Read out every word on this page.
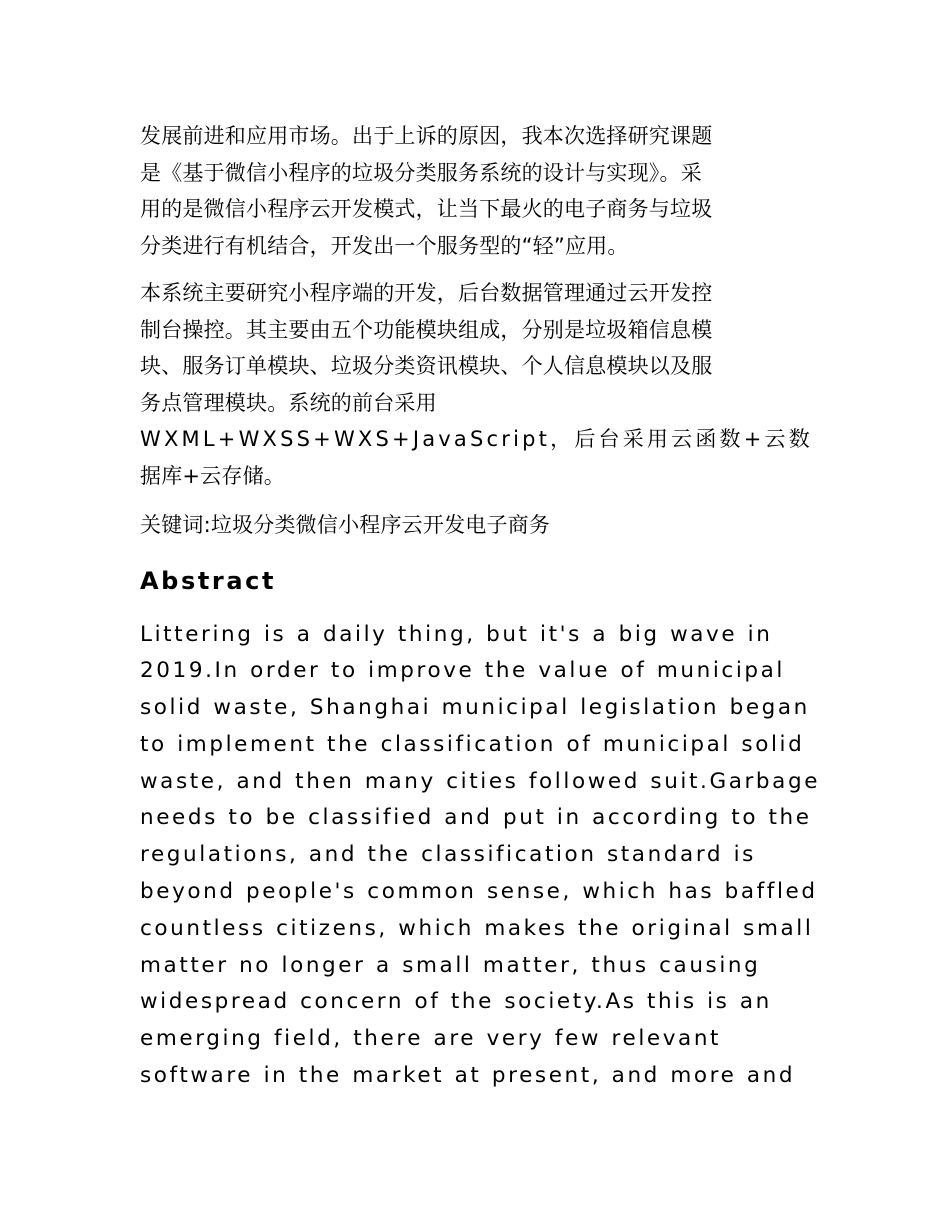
发展前进和应用市场。出于上诉的原因，我本次选择研究课题
是《基于微信小程序的垃圾分类服务系统的设计与实现》。采
用的是微信小程序云开发模式，让当下最火的电子商务与垃圾
分类进行有机结合，开发出一个服务型的“轻”应用。
本系统主要研究小程序端的开发，后台数据管理通过云开发控
制台操控。其主要由五个功能模块组成，分别是垃圾箱信息模
块、服务订单模块、垃圾分类资讯模块、个人信息模块以及服
务点管理模块。系统的前台采用
WXML+WXSS+WXS+JavaScript，后台采用云函数+云数
据库+云存储。

关键词:垃圾分类微信小程序云开发电子商务

Abstract
Littering is a daily thing, but it's a big wave in
2019.In order to improve the value of municipal
solid waste, Shanghai municipal legislation began
to implement the classification of municipal solid
waste, and then many cities followed suit.Garbage
needs to be classified and put in according to the
regulations, and the classification standard is
beyond people's common sense, which has baffled
countless citizens, which makes the original small
matter no longer a small matter, thus causing
widespread concern of the society.As this is an
emerging field, there are very few relevant
software in the market at present, and more and
